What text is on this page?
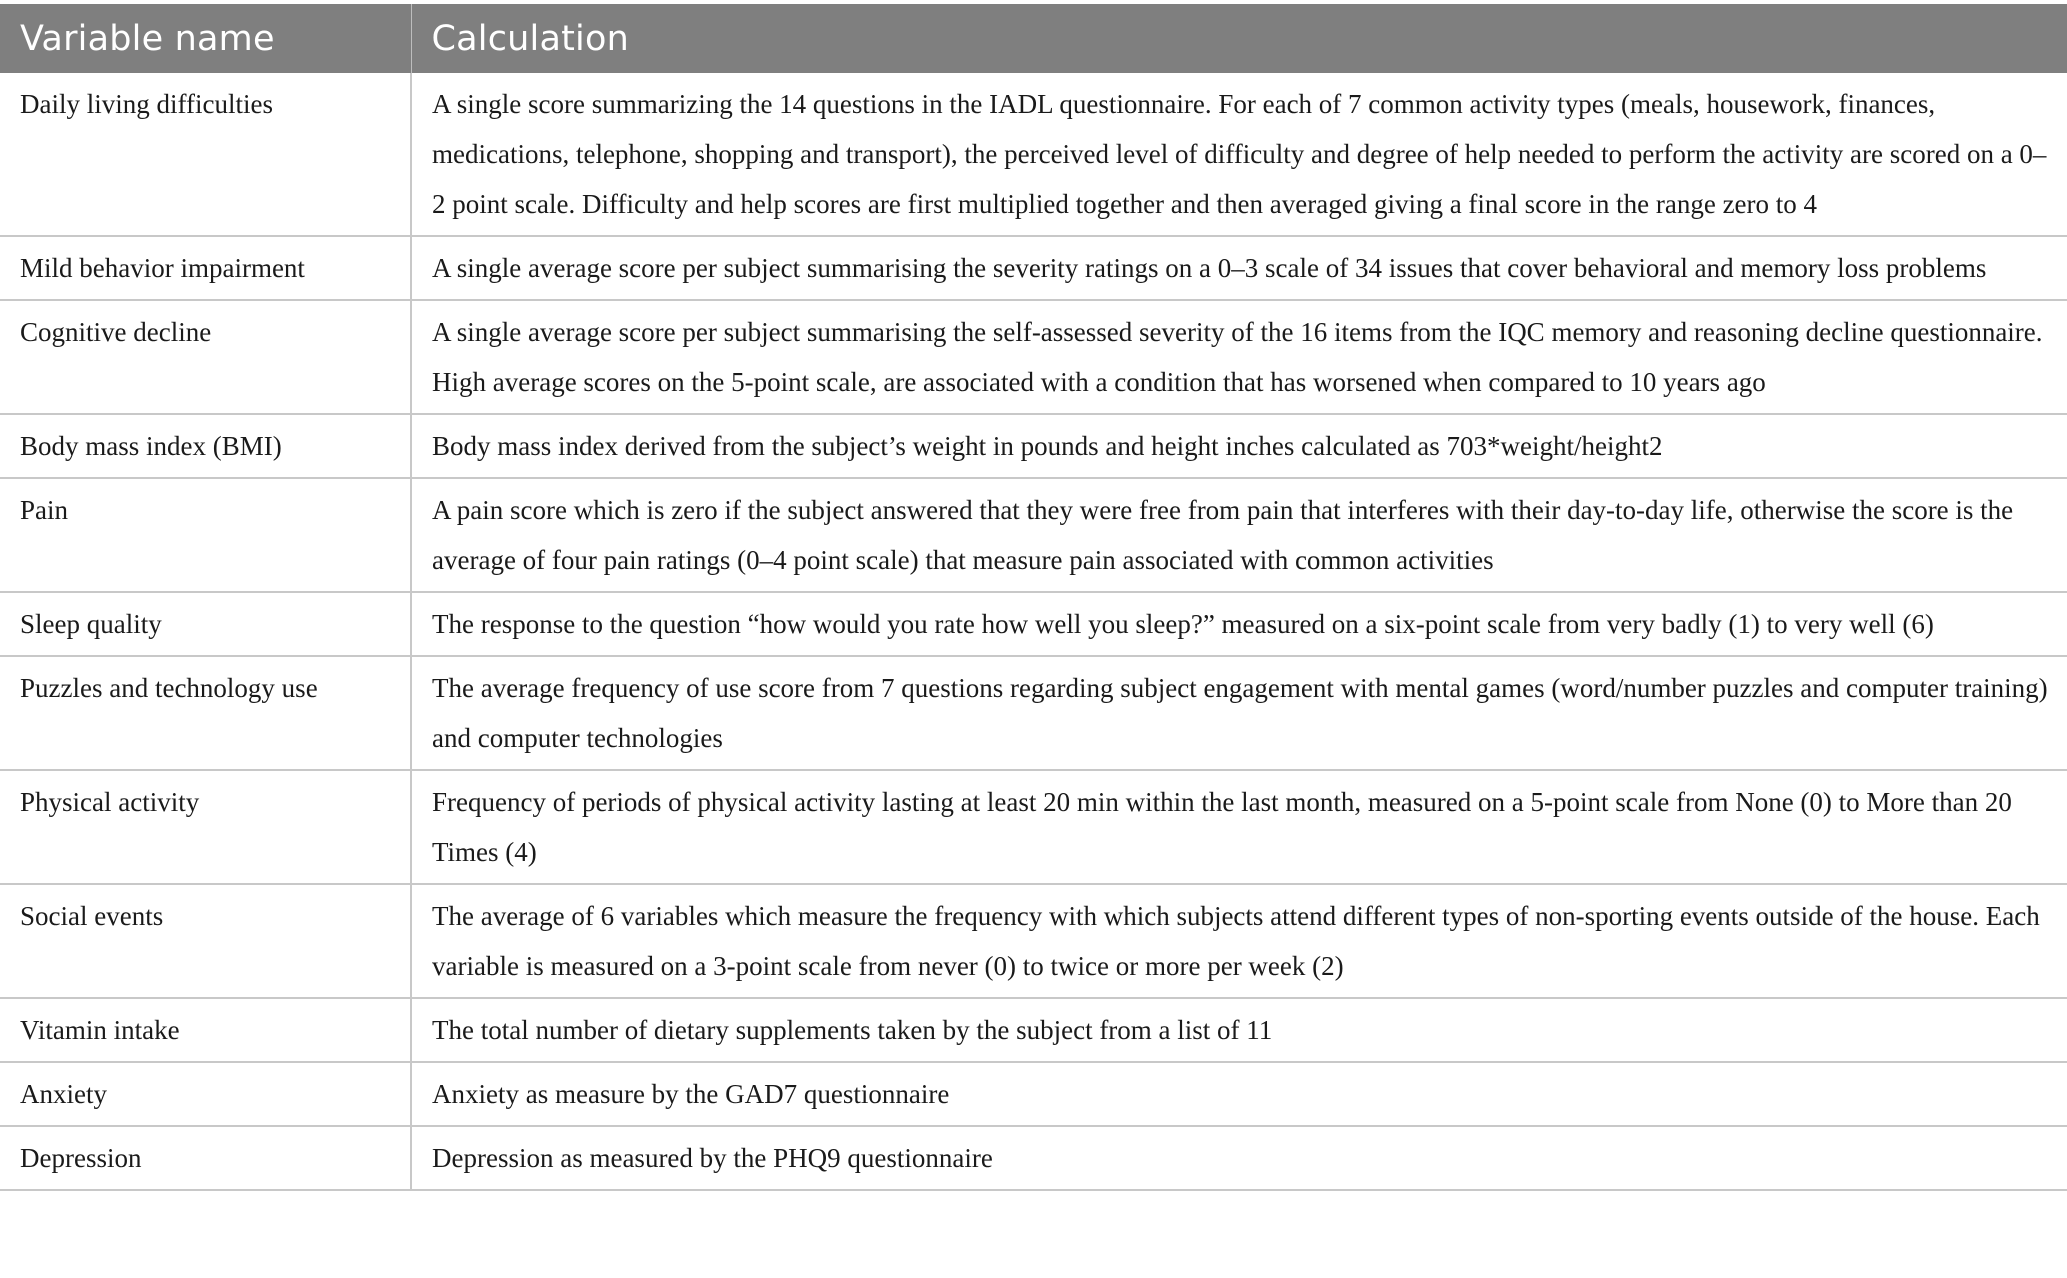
Variable name	Calculation
Daily living difficulties	A single score summarizing the 14 questions in the IADL questionnaire. For each of 7 common activity types (meals, housework, finances, medications, telephone, shopping and transport), the perceived level of difficulty and degree of help needed to perform the activity are scored on a 0–2 point scale. Difficulty and help scores are first multiplied together and then averaged giving a final score in the range zero to 4
Mild behavior impairment	A single average score per subject summarising the severity ratings on a 0–3 scale of 34 issues that cover behavioral and memory loss problems
Cognitive decline	A single average score per subject summarising the self-assessed severity of the 16 items from the IQC memory and reasoning decline questionnaire. High average scores on the 5-point scale, are associated with a condition that has worsened when compared to 10 years ago
Body mass index (BMI)	Body mass index derived from the subject’s weight in pounds and height inches calculated as 703*weight/height2
Pain	A pain score which is zero if the subject answered that they were free from pain that interferes with their day-to-day life, otherwise the score is the average of four pain ratings (0–4 point scale) that measure pain associated with common activities
Sleep quality	The response to the question “how would you rate how well you sleep?” measured on a six-point scale from very badly (1) to very well (6)
Puzzles and technology use	The average frequency of use score from 7 questions regarding subject engagement with mental games (word/number puzzles and computer training) and computer technologies
Physical activity	Frequency of periods of physical activity lasting at least 20 min within the last month, measured on a 5-point scale from None (0) to More than 20 Times (4)
Social events	The average of 6 variables which measure the frequency with which subjects attend different types of non-sporting events outside of the house. Each variable is measured on a 3-point scale from never (0) to twice or more per week (2)
Vitamin intake	The total number of dietary supplements taken by the subject from a list of 11
Anxiety	Anxiety as measure by the GAD7 questionnaire
Depression	Depression as measured by the PHQ9 questionnaire
